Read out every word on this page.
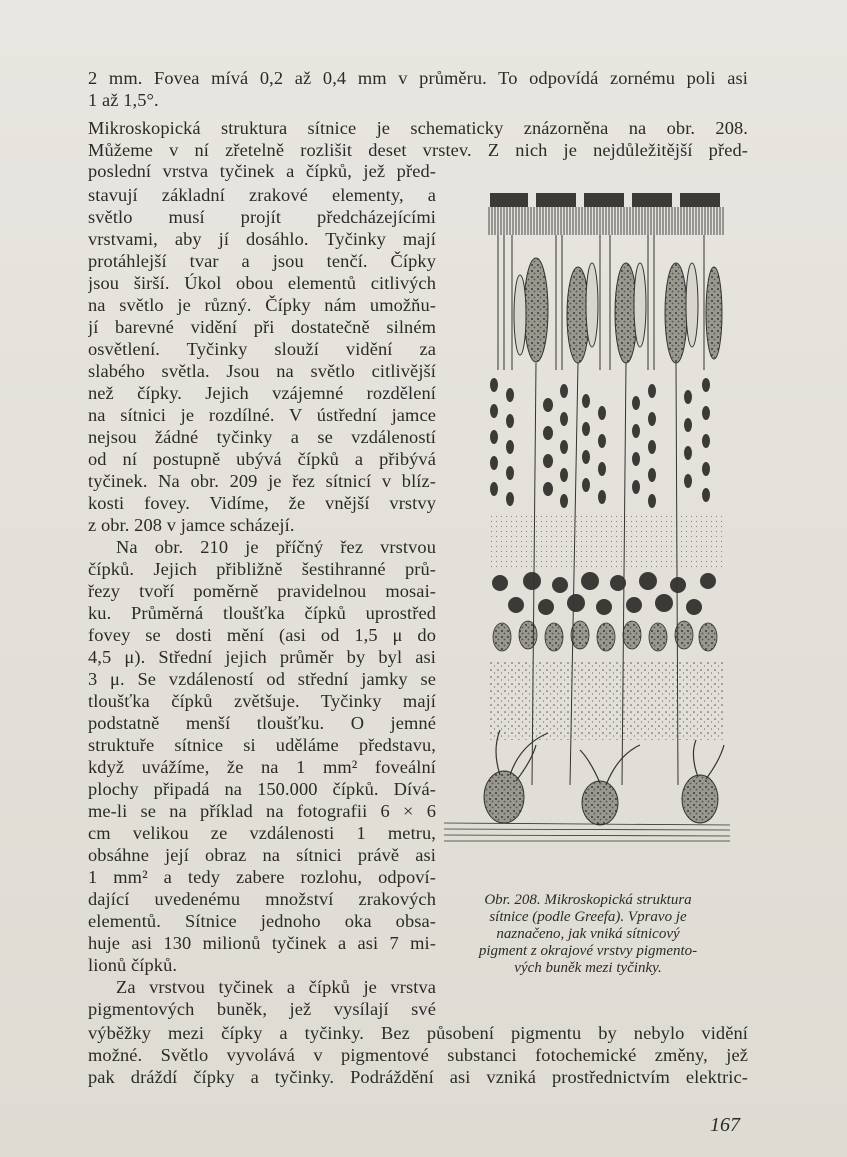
2 mm. Fovea mívá 0,2 až 0,4 mm v průměru. To odpovídá zornému poli asi
1 až 1,5°.
Mikroskopická struktura sítnice je schematicky znázorněna na obr. 208.
Můžeme v ní zřetelně rozlišit deset vrstev. Z nich je nejdůležitější před-
poslední vrstva tyčinek a čípků, jež před-
stavují základní zrakové elementy, a
světlo musí projít předcházejícími
vrstvami, aby jí dosáhlo. Tyčinky mají
protáhlejší tvar a jsou tenčí. Čípky
jsou širší. Úkol obou elementů citlivých
na světlo je různý. Čípky nám umožňu-
jí barevné vidění při dostatečně silném
osvětlení. Tyčinky slouží vidění za
slabého světla. Jsou na světlo citlivější
než čípky. Jejich vzájemné rozdělení
na sítnici je rozdílné. V ústřední jamce
nejsou žádné tyčinky a se vzdáleností
od ní postupně ubývá čípků a přibývá
tyčinek. Na obr. 209 je řez sítnicí v blíz-
kosti fovey. Vidíme, že vnější vrstvy
z obr. 208 v jamce scházejí.
Na obr. 210 je příčný řez vrstvou
čípků. Jejich přibližně šestihranné prů-
řezy tvoří poměrně pravidelnou mosai-
ku. Průměrná tloušťka čípků uprostřed
fovey se dosti mění (asi od 1,5 μ do
4,5 μ). Střední jejich průměr by byl asi
3 μ. Se vzdáleností od střední jamky se
tloušťka čípků zvětšuje. Tyčinky mají
podstatně menší tloušťku. O jemné
struktuře sítnice si uděláme představu,
když uvážíme, že na 1 mm² foveální
plochy připadá na 150.000 čípků. Dívá-
me-li se na příklad na fotografii 6 × 6
cm velikou ze vzdálenosti 1 metru,
obsáhne její obraz na sítnici právě asi
1 mm² a tedy zabere rozlohu, odpoví-
dající uvedenému množství zrakových
elementů. Sítnice jednoho oka obsa-
huje asi 130 milionů tyčinek a asi 7 mi-
lionů čípků.
Za vrstvou tyčinek a čípků je vrstva
pigmentových buněk, jež vysílají své
výběžky mezi čípky a tyčinky. Bez působení pigmentu by nebylo vidění
možné. Světlo vyvolává v pigmentové substanci fotochemické změny, jež
pak dráždí čípky a tyčinky. Podráždění asi vzniká prostřednictvím elektric-
Obr. 208. Mikroskopická struktura
sítnice (podle Greefa). Vpravo je
naznačeno, jak vniká sítnicový
pigment z okrajové vrstvy pigmento-
vých buněk mezi tyčinky.
167
